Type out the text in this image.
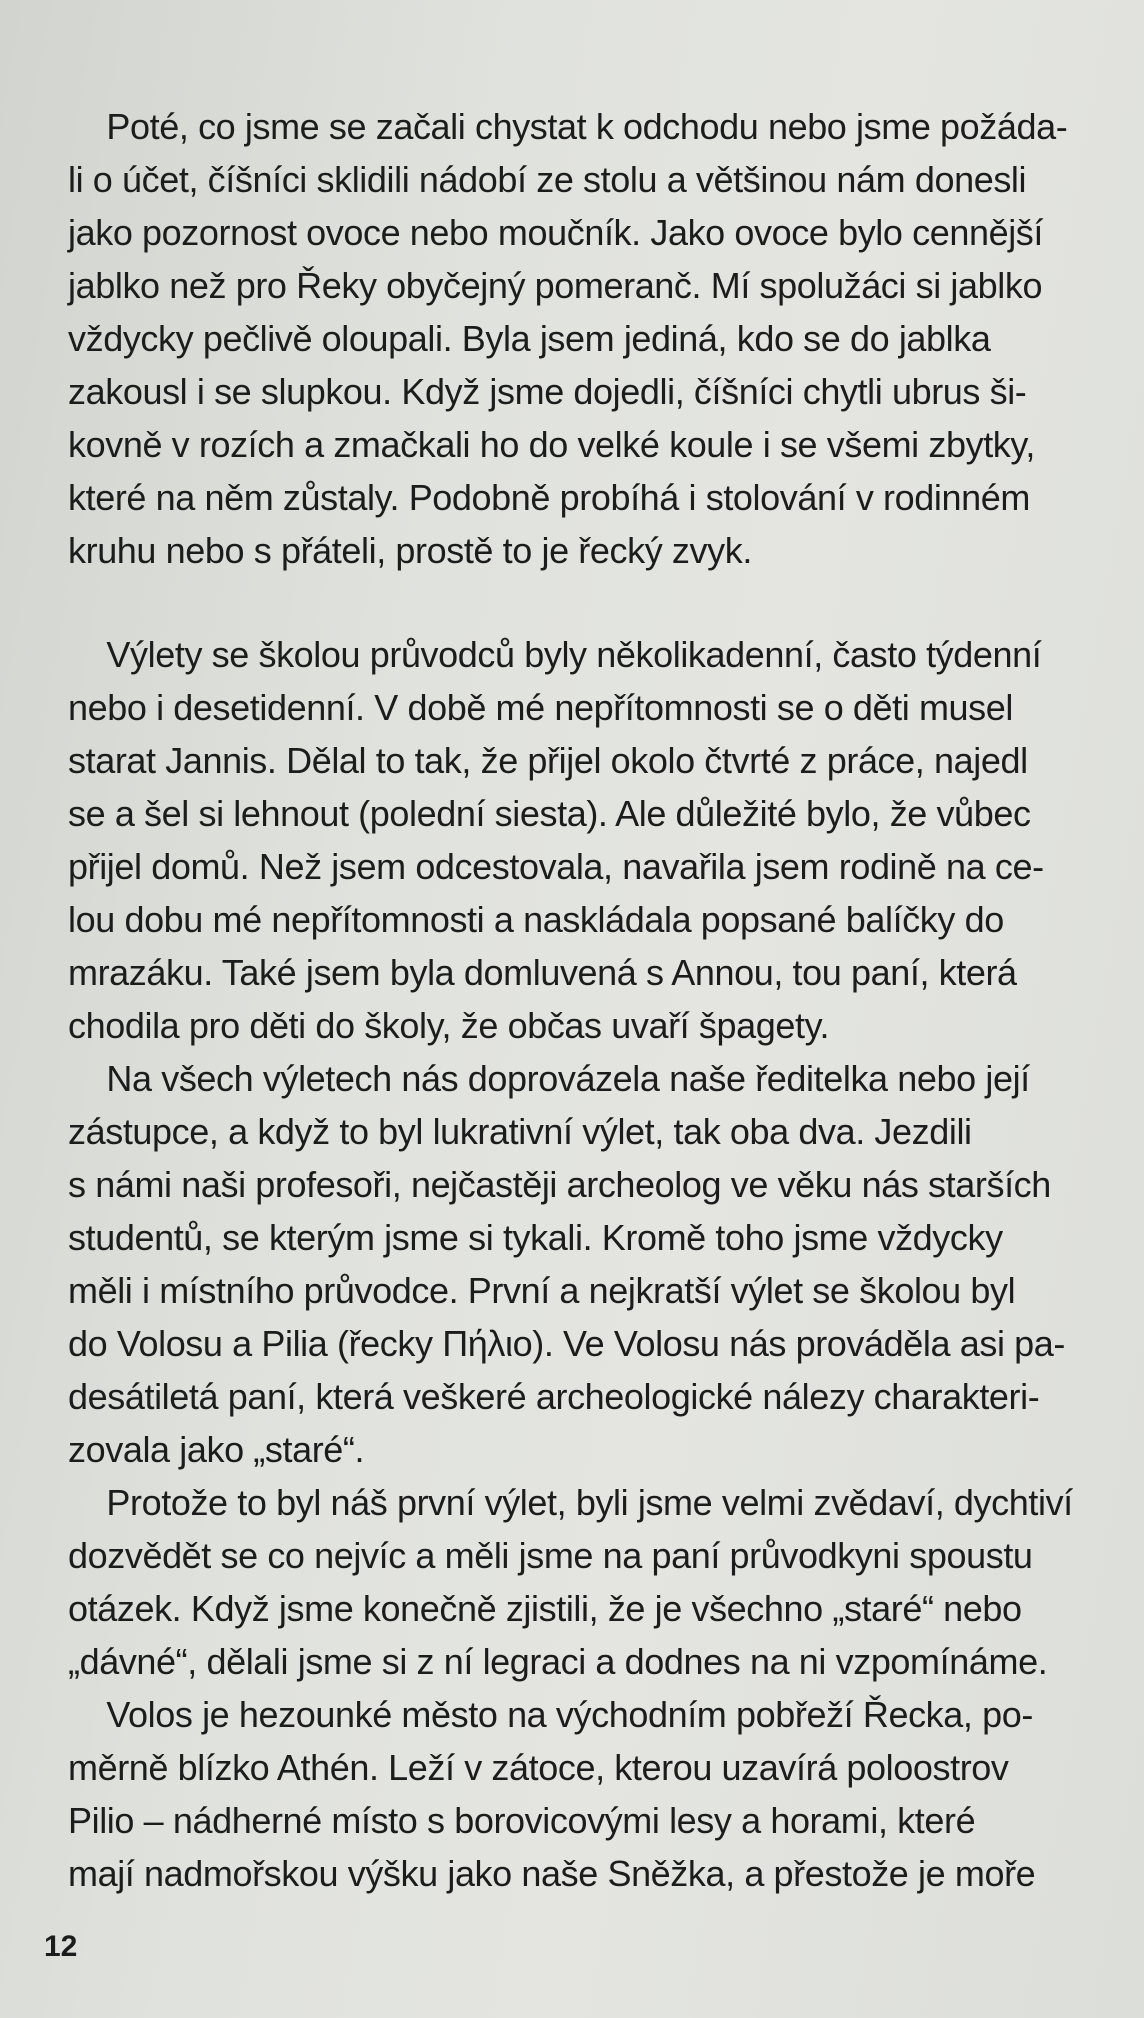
Poté, co jsme se začali chystat k odchodu nebo jsme požáda-
li o účet, číšníci sklidili nádobí ze stolu a většinou nám donesli
jako pozornost ovoce nebo moučník. Jako ovoce bylo cennější
jablko než pro Řeky obyčejný pomeranč. Mí spolužáci si jablko
vždycky pečlivě oloupali. Byla jsem jediná, kdo se do jablka
zakousl i se slupkou. Když jsme dojedli, číšníci chytli ubrus ši-
kovně v rozích a zmačkali ho do velké koule i se všemi zbytky,
které na něm zůstaly. Podobně probíhá i stolování v rodinném
kruhu nebo s přáteli, prostě to je řecký zvyk.
Výlety se školou průvodců byly několikadenní, často týdenní
nebo i desetidenní. V době mé nepřítomnosti se o děti musel
starat Jannis. Dělal to tak, že přijel okolo čtvrté z práce, najedl
se a šel si lehnout (polední siesta). Ale důležité bylo, že vůbec
přijel domů. Než jsem odcestovala, navařila jsem rodině na ce-
lou dobu mé nepřítomnosti a naskládala popsané balíčky do
mrazáku. Také jsem byla domluvená s Annou, tou paní, která
chodila pro děti do školy, že občas uvaří špagety.
Na všech výletech nás doprovázela naše ředitelka nebo její
zástupce, a když to byl lukrativní výlet, tak oba dva. Jezdili
s námi naši profesoři, nejčastěji archeolog ve věku nás starších
studentů, se kterým jsme si tykali. Kromě toho jsme vždycky
měli i místního průvodce. První a nejkratší výlet se školou byl
do Volosu a Pilia (řecky Πήλιο). Ve Volosu nás prováděla asi pa-
desátiletá paní, která veškeré archeologické nálezy charakteri-
zovala jako „staré“.
Protože to byl náš první výlet, byli jsme velmi zvědaví, dychtiví
dozvědět se co nejvíc a měli jsme na paní průvodkyni spoustu
otázek. Když jsme konečně zjistili, že je všechno „staré“ nebo
„dávné“, dělali jsme si z ní legraci a dodnes na ni vzpomínáme.
Volos je hezounké město na východním pobřeží Řecka, po-
měrně blízko Athén. Leží v zátoce, kterou uzavírá poloostrov
Pilio – nádherné místo s borovicovými lesy a horami, které
mají nadmořskou výšku jako naše Sněžka, a přestože je moře
12
